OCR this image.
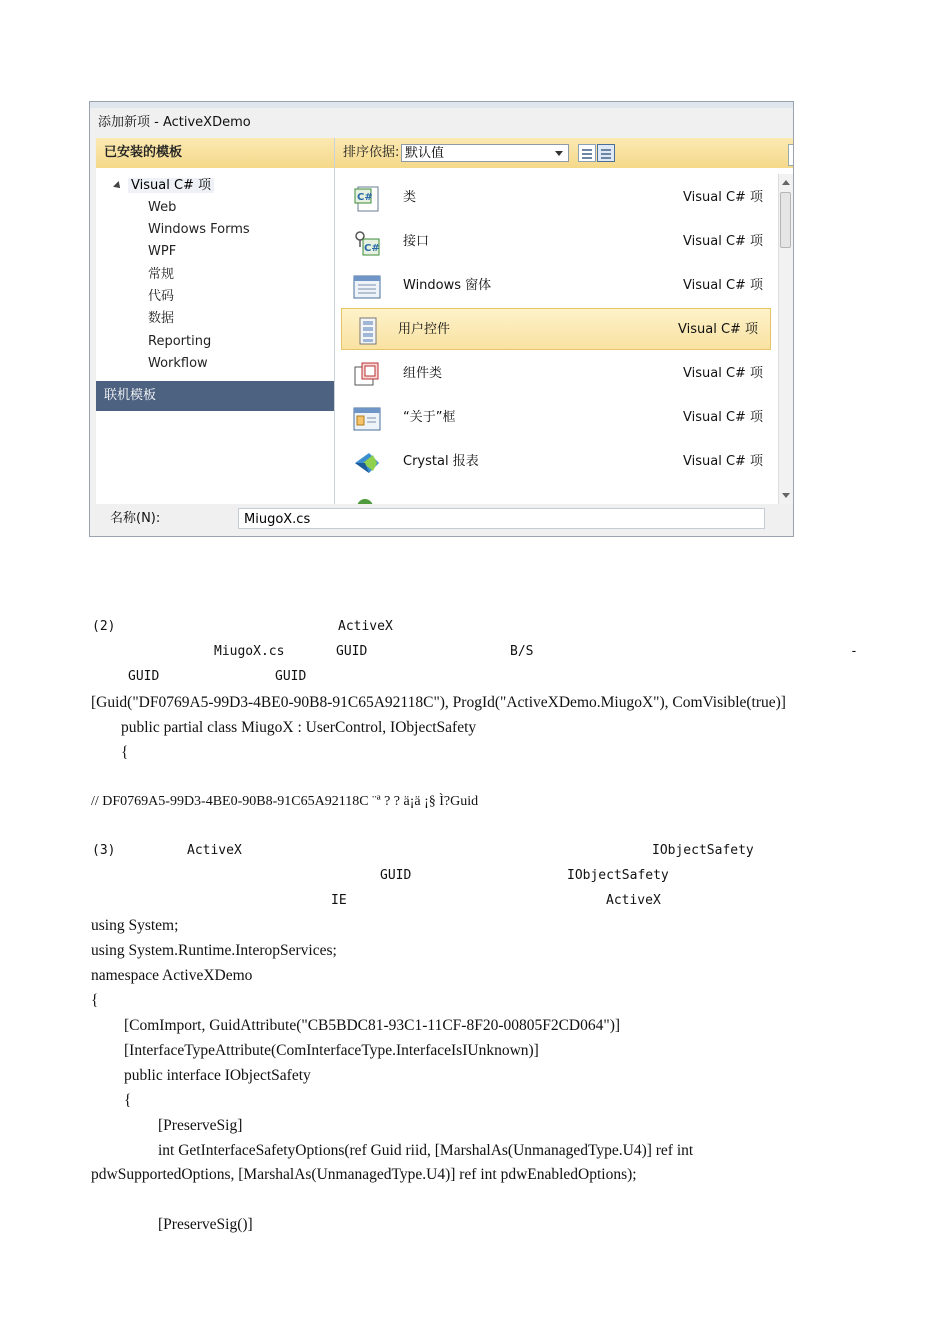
添加新项 - ActiveXDemo
已安装的模板
Visual C# 项
Web
Windows Forms
WPF
常规
代码
数据
Reporting
Workflow
联机模板
排序依据: 默认值
C# 类	Visual C# 项
C# 接口	Visual C# 项
Windows 窗体	Visual C# 项
用户控件	Visual C# 项
组件类	Visual C# 项
“关于”框	Visual C# 项
Crystal 报表	Visual C# 项
名称(N):	MiugoX.cs
(2)	ActiveX
MiugoX.cs	GUID	B/S	-
GUID	GUID
[Guid("DF0769A5-99D3-4BE0-90B8-91C65A92118C"), ProgId("ActiveXDemo.MiugoX"), ComVisible(true)]
public partial class MiugoX : UserControl, IObjectSafety
{
// DF0769A5-99D3-4BE0-90B8-91C65A92118C ¨ª ? ? ä¡ä ¡§ Ì?Guid
(3)	ActiveX	IObjectSafety
GUID	IObjectSafety
IE	ActiveX
using System;
using System.Runtime.InteropServices;
namespace ActiveXDemo
{
[ComImport, GuidAttribute("CB5BDC81-93C1-11CF-8F20-00805F2CD064")]
[InterfaceTypeAttribute(ComInterfaceType.InterfaceIsIUnknown)]
public interface IObjectSafety
{
[PreserveSig]
int GetInterfaceSafetyOptions(ref Guid riid, [MarshalAs(UnmanagedType.U4)] ref int
pdwSupportedOptions, [MarshalAs(UnmanagedType.U4)] ref int pdwEnabledOptions);
[PreserveSig()]
